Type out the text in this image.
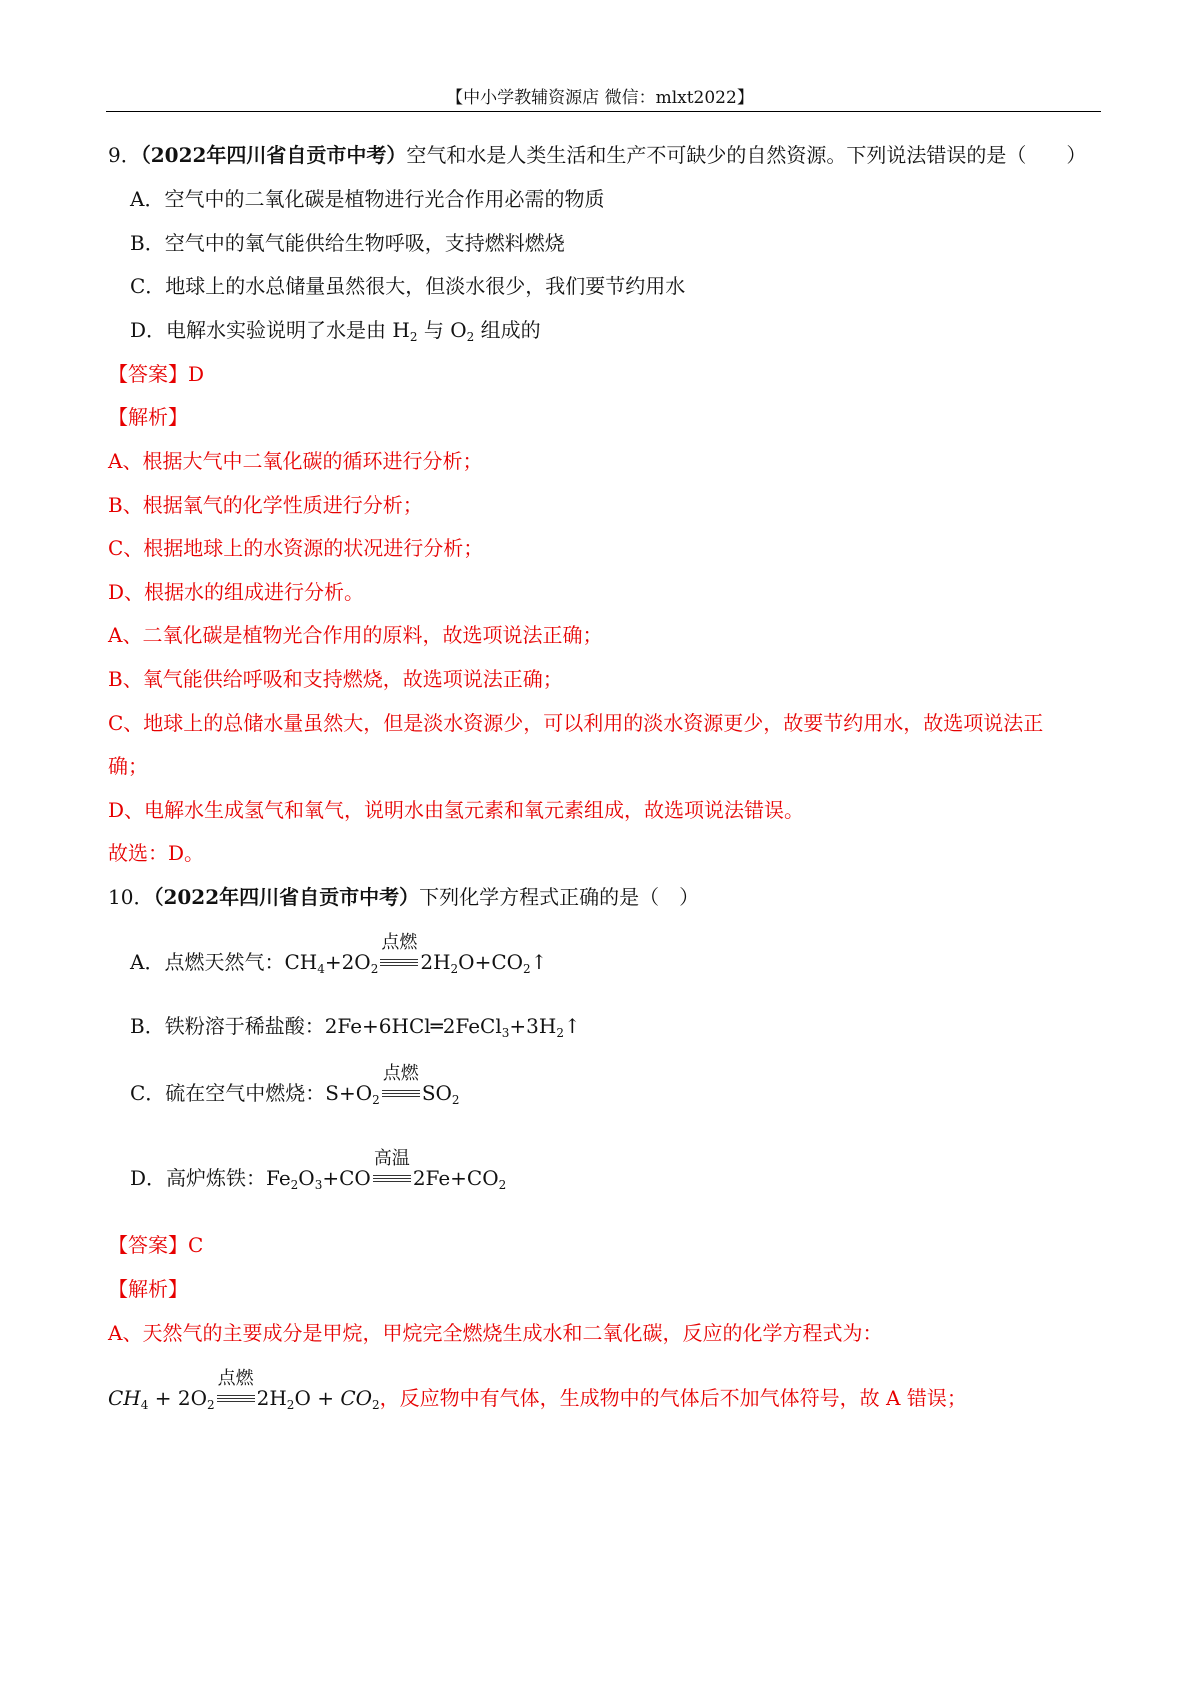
【中小学教辅资源店 微信：mlxt2022】
9．（2022年四川省自贡市中考）空气和水是人类生活和生产不可缺少的自然资源。下列说法错误的是（　　）
A．空气中的二氧化碳是植物进行光合作用必需的物质
B．空气中的氧气能供给生物呼吸，支持燃料燃烧
C．地球上的水总储量虽然很大，但淡水很少，我们要节约用水
D．电解水实验说明了水是由 $H_2$ 与 $O_2$ 组成的
【答案】D
【解析】
A、根据大气中二氧化碳的循环进行分析；
B、根据氧气的化学性质进行分析；
C、根据地球上的水资源的状况进行分析；
D、根据水的组成进行分析。
A、二氧化碳是植物光合作用的原料，故选项说法正确；
B、氧气能供给呼吸和支持燃烧，故选项说法正确；
C、地球上的总储水量虽然大，但是淡水资源少，可以利用的淡水资源更少，故要节约用水，故选项说法正
确；
D、电解水生成氢气和氧气，说明水由氢元素和氧元素组成，故选项说法错误。
故选：D。
10．（2022年四川省自贡市中考）下列化学方程式正确的是（　）
A．点燃天然气：$CH_4+2O_2$
点燃
$2H_2O+CO_2↑$
B．铁粉溶于稀盐酸：$2Fe+6HCl═2FeCl_3+3H_2↑$
C．硫在空气中燃烧：$S+O_2$
点燃
$SO_2$
D．高炉炼铁：$Fe_2O_3+CO$
高温
$2Fe+CO_2$
【答案】C
【解析】
A、天然气的主要成分是甲烷，甲烷完全燃烧生成水和二氧化碳，反应的化学方程式为：
$CH_4 + 2O_2$
点燃
$2H_2O + CO_2$，反应物中有气体，生成物中的气体后不加气体符号，故 A 错误；
